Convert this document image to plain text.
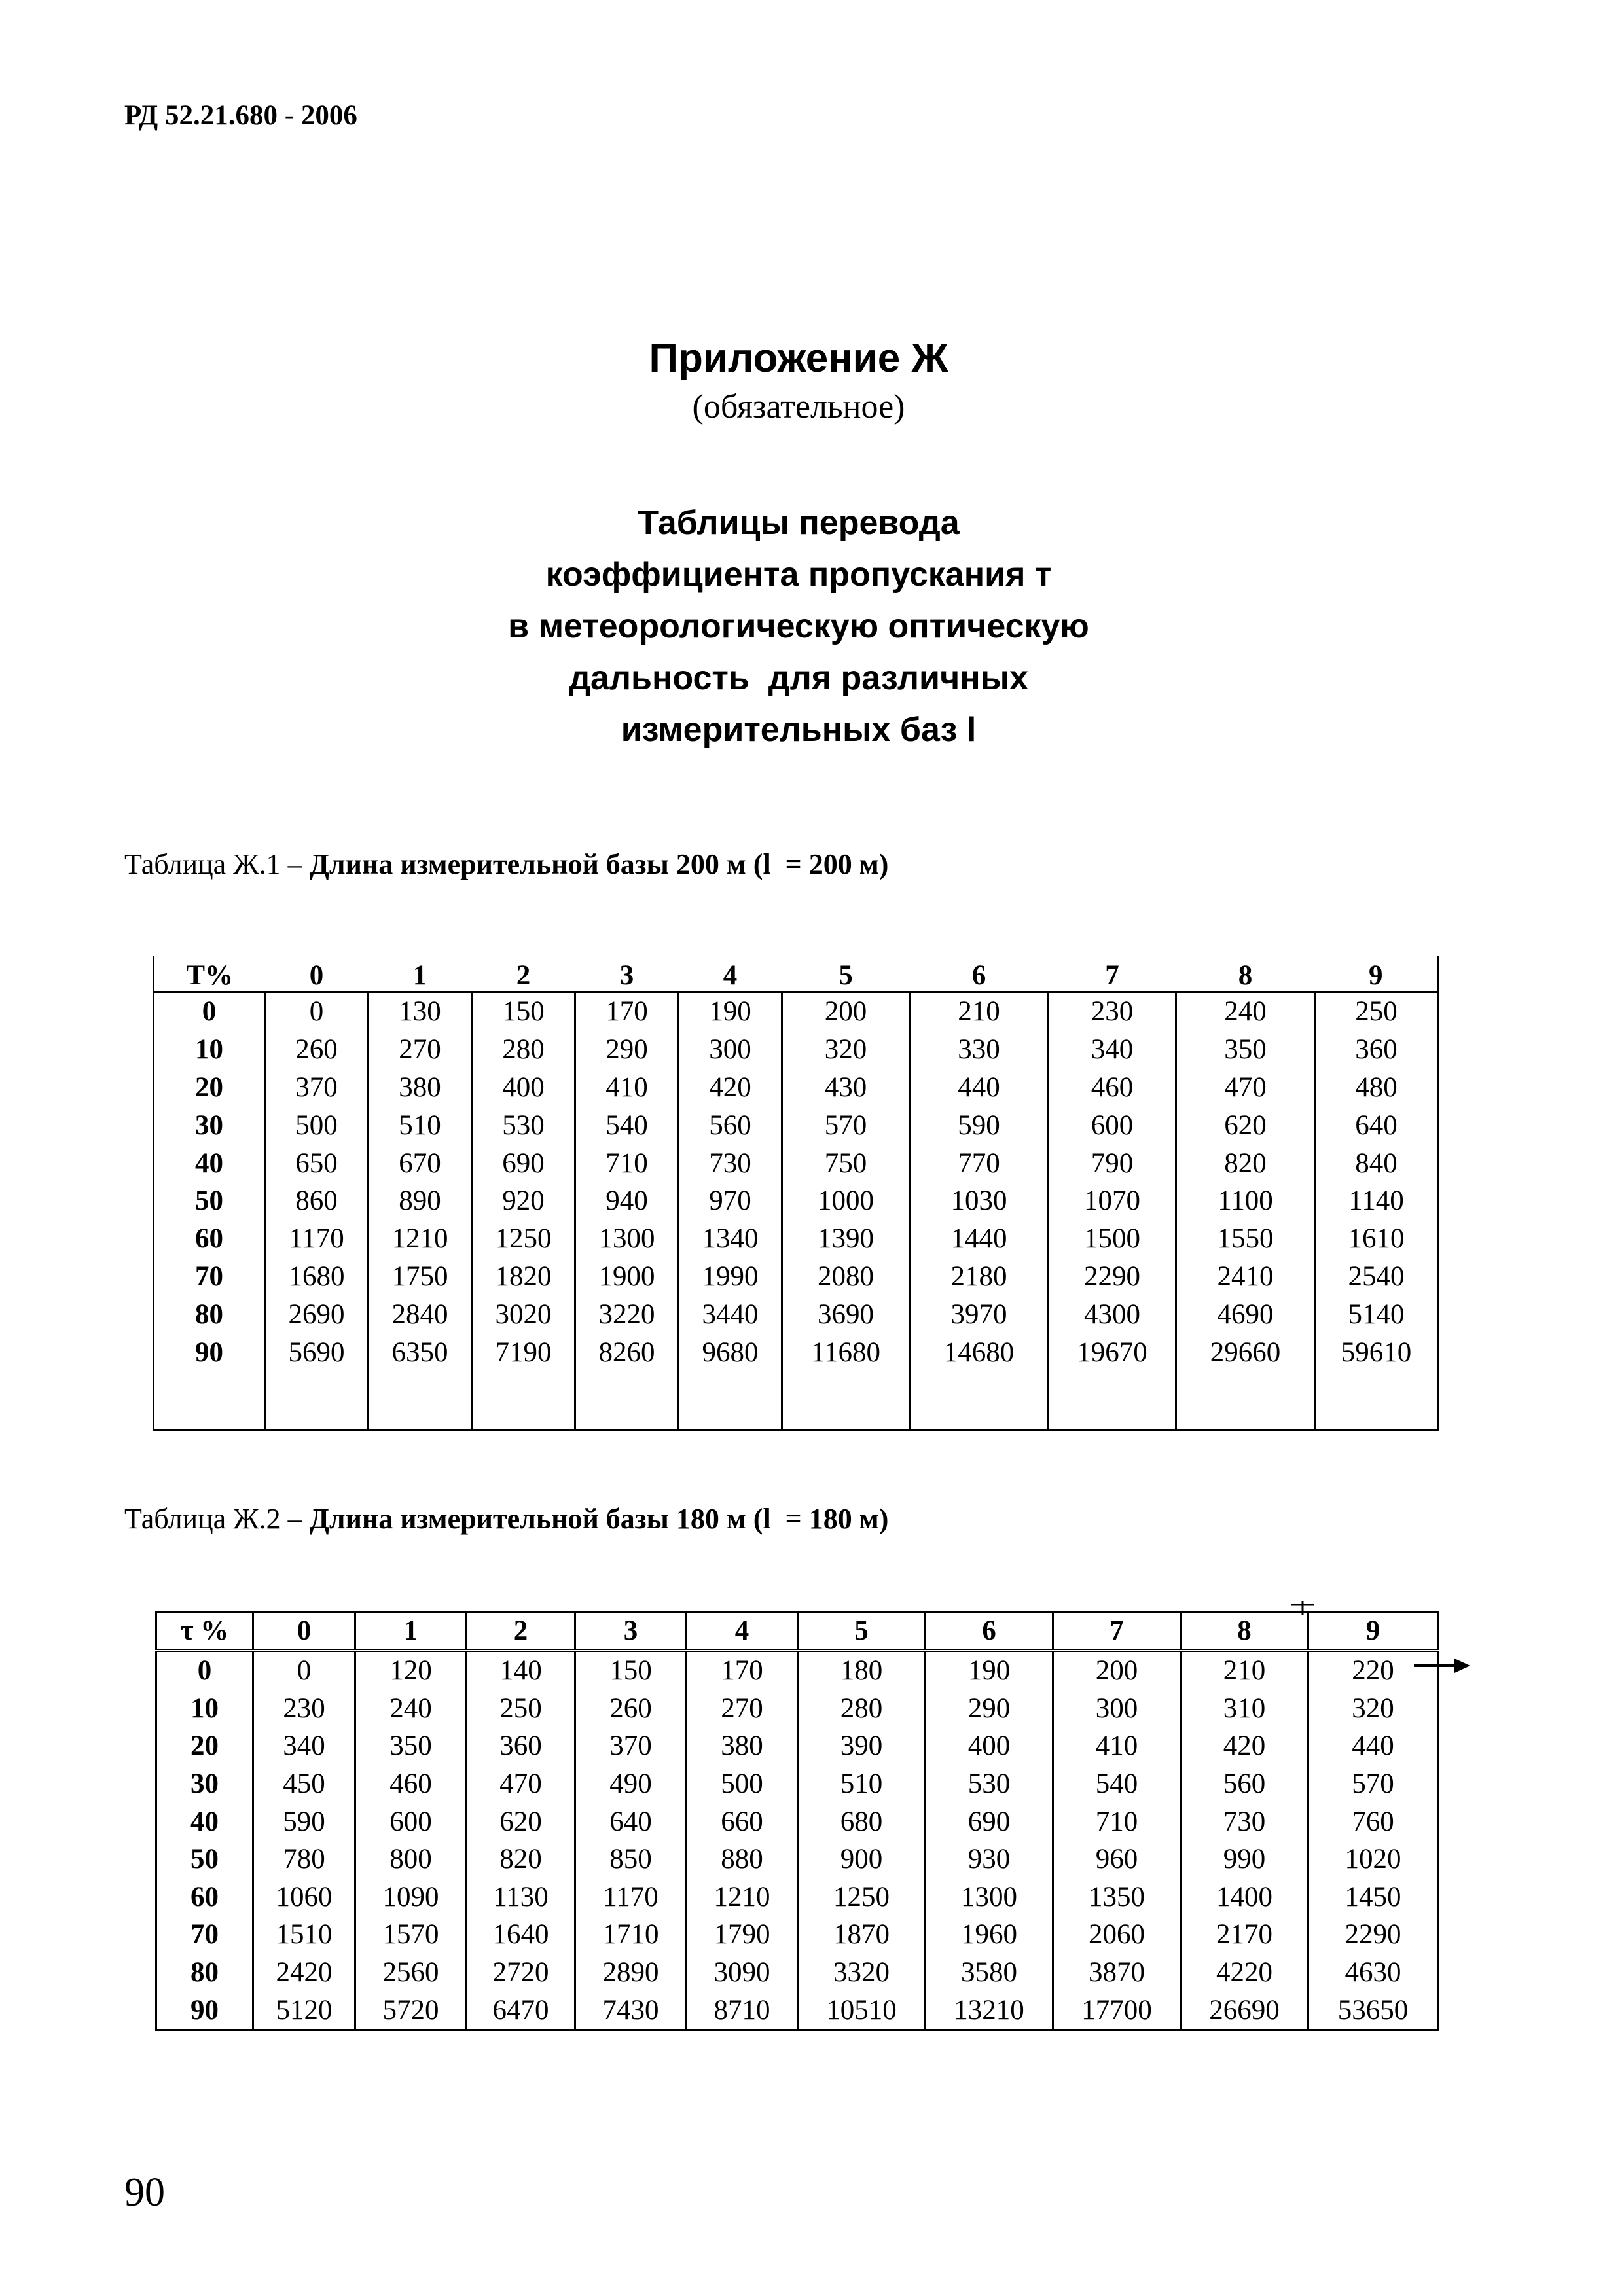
РД 52.21.680 - 2006
Приложение Ж
(обязательное)
Таблицы перевода
коэффициента пропускания т
в метеорологическую оптическую
дальность  для различных
измерительных баз l
Таблица Ж.1 – Длина измерительной базы 200 м (l  = 200 м)
T%	0	1	2	3	4	5	6	7	8	9
0	0	130	150	170	190	200	210	230	240	250
10	260	270	280	290	300	320	330	340	350	360
20	370	380	400	410	420	430	440	460	470	480
30	500	510	530	540	560	570	590	600	620	640
40	650	670	690	710	730	750	770	790	820	840
50	860	890	920	940	970	1000	1030	1070	1100	1140
60	1170	1210	1250	1300	1340	1390	1440	1500	1550	1610
70	1680	1750	1820	1900	1990	2080	2180	2290	2410	2540
80	2690	2840	3020	3220	3440	3690	3970	4300	4690	5140
90	5690	6350	7190	8260	9680	11680	14680	19670	29660	59610

Таблица Ж.2 – Длина измерительной базы 180 м (l  = 180 м)
τ %	0	1	2	3	4	5	6	7	8	9
0	0	120	140	150	170	180	190	200	210	220
10	230	240	250	260	270	280	290	300	310	320
20	340	350	360	370	380	390	400	410	420	440
30	450	460	470	490	500	510	530	540	560	570
40	590	600	620	640	660	680	690	710	730	760
50	780	800	820	850	880	900	930	960	990	1020
60	1060	1090	1130	1170	1210	1250	1300	1350	1400	1450
70	1510	1570	1640	1710	1790	1870	1960	2060	2170	2290
80	2420	2560	2720	2890	3090	3320	3580	3870	4220	4630
90	5120	5720	6470	7430	8710	10510	13210	17700	26690	53650
90
